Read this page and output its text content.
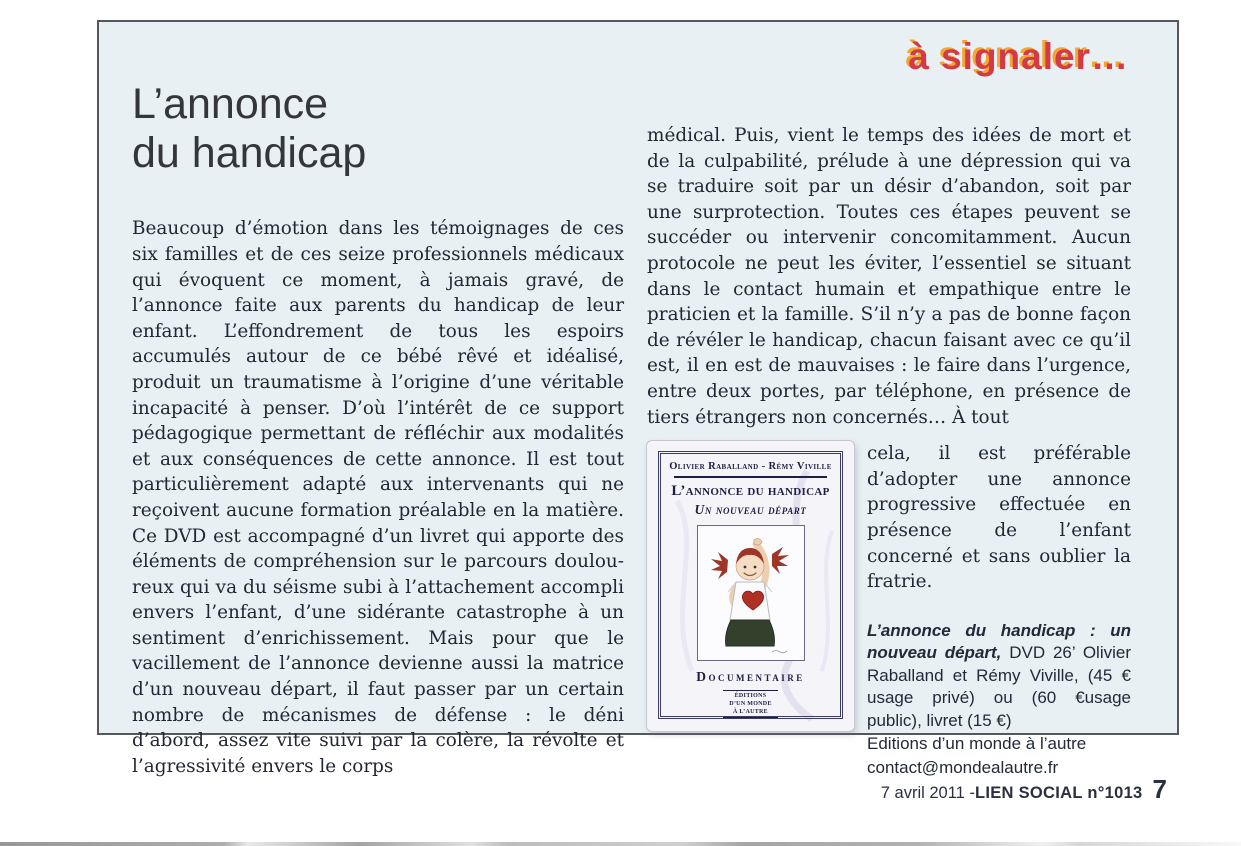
à signaler…
L’annonce
du handicap

Beaucoup d’émotion dans les témoignages de ces six familles et de ces seize professionnels médicaux qui évoquent ce moment, à jamais gravé, de l’annonce faite aux parents du handicap de leur enfant. L’effondrement de tous les espoirs accumulés autour de ce bébé rêvé et idéalisé, produit un traumatisme à l’origine d’une véritable incapacité à penser. D’où l’intérêt de ce support pédagogique permettant de réfléchir aux modalités et aux conséquences de cette annonce. Il est tout particulièrement adapté aux intervenants qui ne reçoivent aucune formation préalable en la matière. Ce DVD est accompagné d’un livret qui apporte des éléments de compréhension sur le parcours douloureux qui va du séisme subi à l’attachement accompli envers l’enfant, d’une sidérante catastrophe à un sentiment d’enrichissement. Mais pour que le vacillement de l’annonce devienne aussi la matrice d’un nouveau départ, il faut passer par un certain nombre de mécanismes de défense : le déni d’abord, assez vite suivi par la colère, la révolte et l’agressivité envers le corps

médical. Puis, vient le temps des idées de mort et de la culpabilité, prélude à une dépression qui va se traduire soit par un désir d’abandon, soit par une surprotection. Toutes ces étapes peuvent se succéder ou intervenir concomitamment. Aucun protocole ne peut les éviter, l’essentiel se situant dans le contact humain et empathique entre le praticien et la famille. S’il n’y a pas de bonne façon de révéler le handicap, chacun faisant avec ce qu’il est, il en est de mauvaises : le faire dans l’urgence, entre deux portes, par téléphone, en présence de tiers étrangers non concernés… À tout

Olivier Raballand - Rémy Viville
L’annonce du handicap
Un nouveau départ
Documentaire
ÉDITIONS
D’UN MONDE
À L’AUTRE

cela, il est préférable d’adopter une annonce progressive effectuée en présence de l’enfant concerné et sans oublier la fratrie.

L’annonce du handicap : un nouveau départ, DVD 26’ Olivier Raballand et Rémy Viville, (45 € usage privé) ou (60 €usage public), livret (15 €)

Editions d’un monde à l’autre
contact@mondealautre.fr
7 avril 2011 - LIEN SOCIAL n°1013 7
